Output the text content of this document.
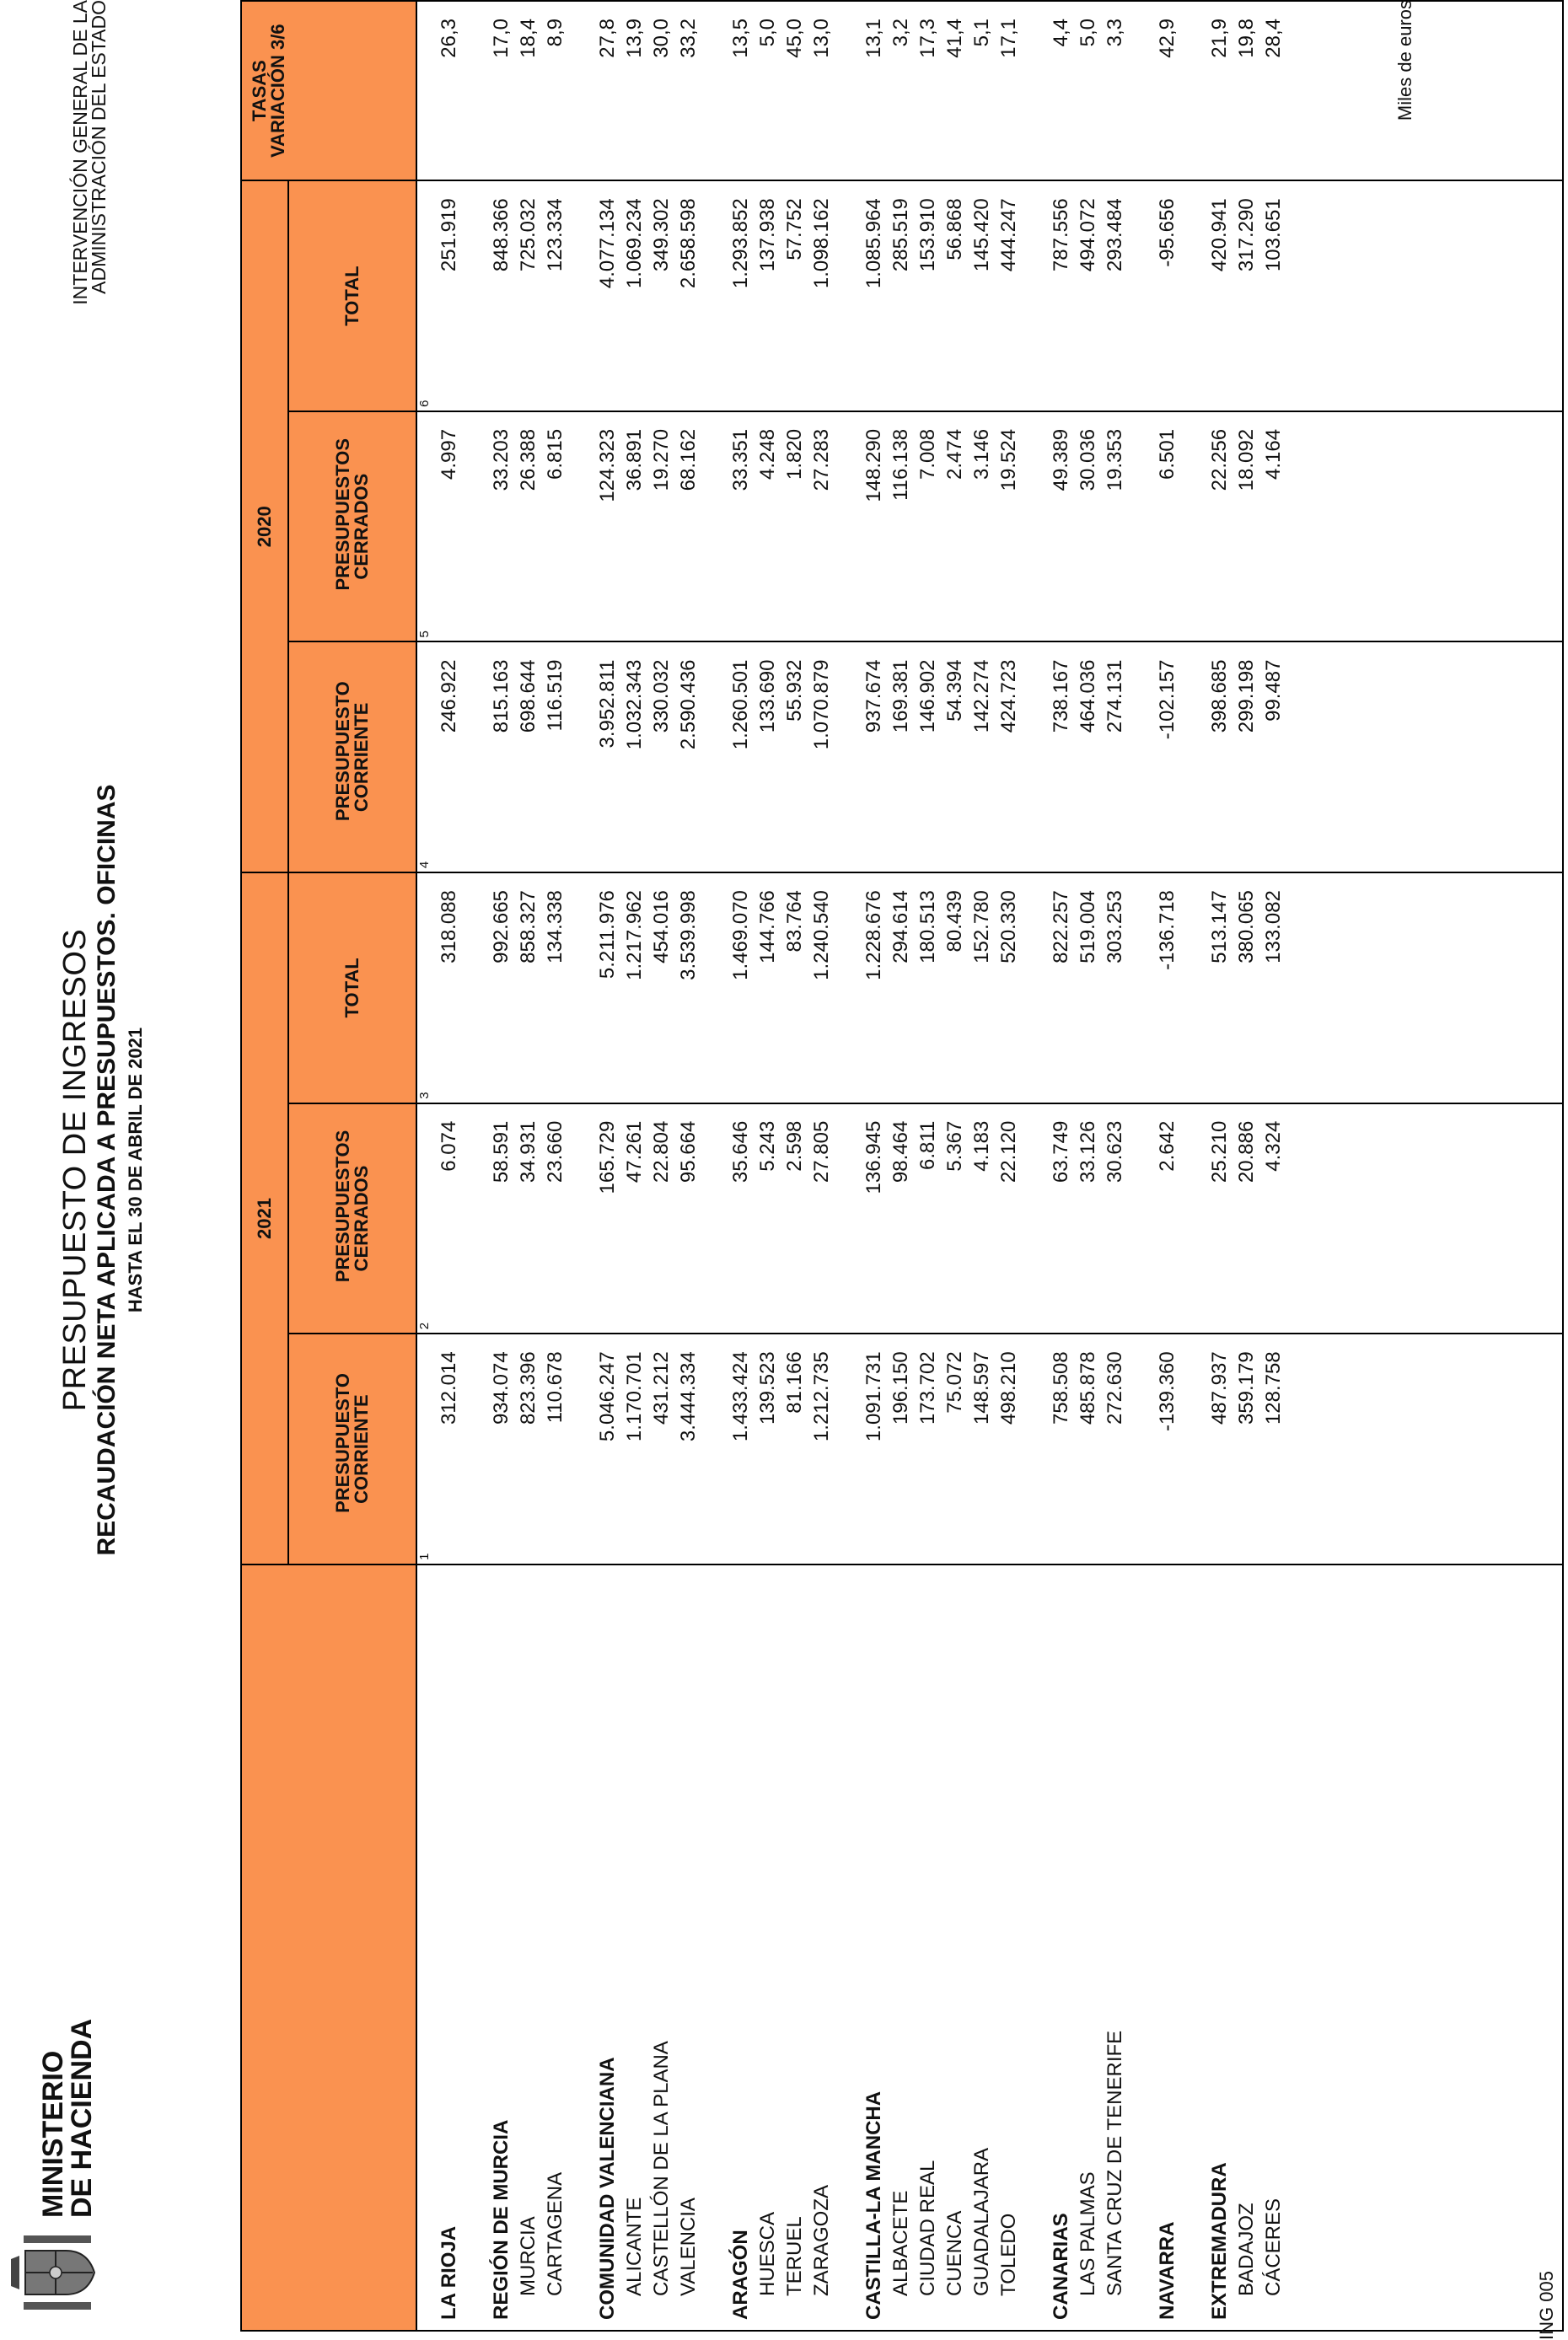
MINISTERIO
DE HACIENDA
PRESUPUESTO DE INGRESOS RECAUDACIÓN NETA APLICADA A PRESUPUESTOS. OFICINAS HASTA EL 30 DE ABRIL DE 2021
INTERVENCIÓN GENERAL DE LA
ADMINISTRACIÓN DEL ESTADO
	2021			2020			TASAS VARIACIÓN 3/6
	PRESUPUESTO CORRIENTE	PRESUPUESTOS CERRADOS	TOTAL	PRESUPUESTO CORRIENTE	PRESUPUESTOS CERRADOS	TOTAL	
	1	2	3	4	5	6	
LA RIOJA	312.014	6.074	318.088	246.922	4.997	251.919	26,3

REGIÓN DE MURCIA	934.074	58.591	992.665	815.163	33.203	848.366	17,0
MURCIA	823.396	34.931	858.327	698.644	26.388	725.032	18,4
CARTAGENA	110.678	23.660	134.338	116.519	6.815	123.334	8,9

COMUNIDAD VALENCIANA	5.046.247	165.729	5.211.976	3.952.811	124.323	4.077.134	27,8
ALICANTE	1.170.701	47.261	1.217.962	1.032.343	36.891	1.069.234	13,9
CASTELLÓN DE LA PLANA	431.212	22.804	454.016	330.032	19.270	349.302	30,0
VALENCIA	3.444.334	95.664	3.539.998	2.590.436	68.162	2.658.598	33,2

ARAGÓN	1.433.424	35.646	1.469.070	1.260.501	33.351	1.293.852	13,5
HUESCA	139.523	5.243	144.766	133.690	4.248	137.938	5,0
TERUEL	81.166	2.598	83.764	55.932	1.820	57.752	45,0
ZARAGOZA	1.212.735	27.805	1.240.540	1.070.879	27.283	1.098.162	13,0

CASTILLA-LA MANCHA	1.091.731	136.945	1.228.676	937.674	148.290	1.085.964	13,1
ALBACETE	196.150	98.464	294.614	169.381	116.138	285.519	3,2
CIUDAD REAL	173.702	6.811	180.513	146.902	7.008	153.910	17,3
CUENCA	75.072	5.367	80.439	54.394	2.474	56.868	41,4
GUADALAJARA	148.597	4.183	152.780	142.274	3.146	145.420	5,1
TOLEDO	498.210	22.120	520.330	424.723	19.524	444.247	17,1

CANARIAS	758.508	63.749	822.257	738.167	49.389	787.556	4,4
LAS PALMAS	485.878	33.126	519.004	464.036	30.036	494.072	5,0
SANTA CRUZ DE TENERIFE	272.630	30.623	303.253	274.131	19.353	293.484	3,3

NAVARRA	-139.360	2.642	-136.718	-102.157	6.501	-95.656	42,9

EXTREMADURA	487.937	25.210	513.147	398.685	22.256	420.941	21,9
BADAJOZ	359.179	20.886	380.065	299.198	18.092	317.290	19,8
CÁCERES	128.758	4.324	133.082	99.487	4.164	103.651	28,4
								Miles de euros
ING 005
